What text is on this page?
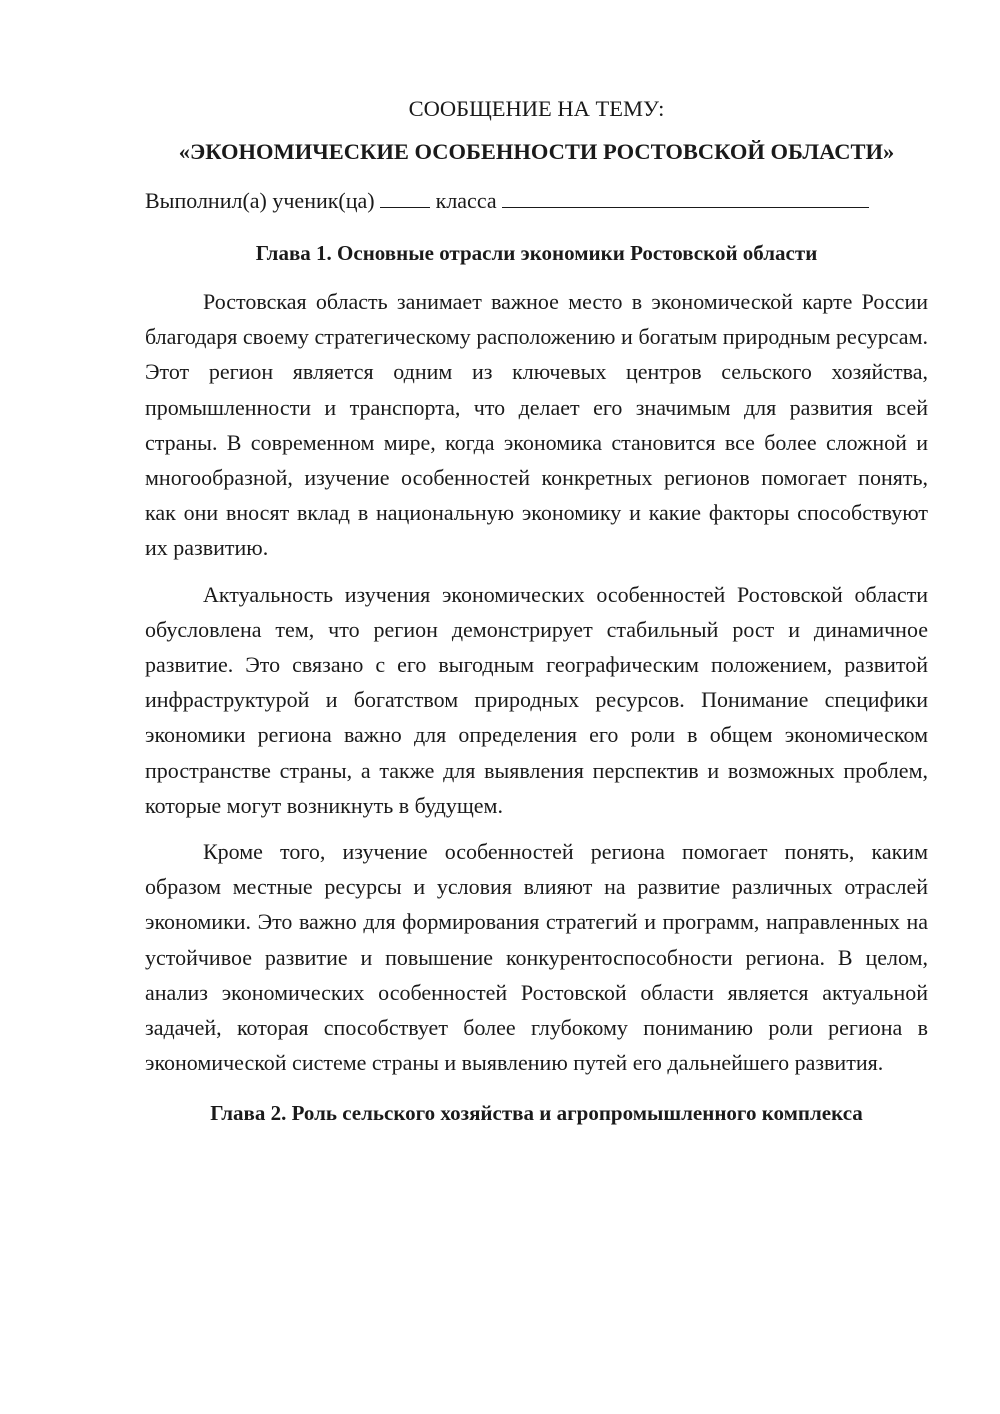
СООБЩЕНИЕ НА ТЕМУ:
«ЭКОНОМИЧЕСКИЕ ОСОБЕННОСТИ РОСТОВСКОЙ ОБЛАСТИ»

Выполнил(а) ученик(ца)	класса

Глава 1. Основные отрасли экономики Ростовской области

Ростовская область занимает важное место в экономической карте России благодаря своему стратегическому расположению и богатым природным ресурсам. Этот регион является одним из ключевых центров сельского хозяйства, промышленности и транспорта, что делает его значимым для развития всей страны. В современном мире, когда экономика становится все более сложной и многообразной, изучение особенностей конкретных регионов помогает понять, как они вносят вклад в национальную экономику и какие факторы способствуют их развитию.

Актуальность изучения экономических особенностей Ростовской области обусловлена тем, что регион демонстрирует стабильный рост и динамичное развитие. Это связано с его выгодным географическим положением, развитой инфраструктурой и богатством природных ресурсов. Понимание специфики экономики региона важно для определения его роли в общем экономическом пространстве страны, а также для выявления перспектив и возможных проблем, которые могут возникнуть в будущем.

Кроме того, изучение особенностей региона помогает понять, каким образом местные ресурсы и условия влияют на развитие различных отраслей экономики. Это важно для формирования стратегий и программ, направленных на устойчивое развитие и повышение конкурентоспособности региона. В целом, анализ экономических особенностей Ростовской области является актуальной задачей, которая способствует более глубокому пониманию роли региона в экономической системе страны и выявлению путей его дальнейшего развития.

Глава 2. Роль сельского хозяйства и агропромышленного комплекса
